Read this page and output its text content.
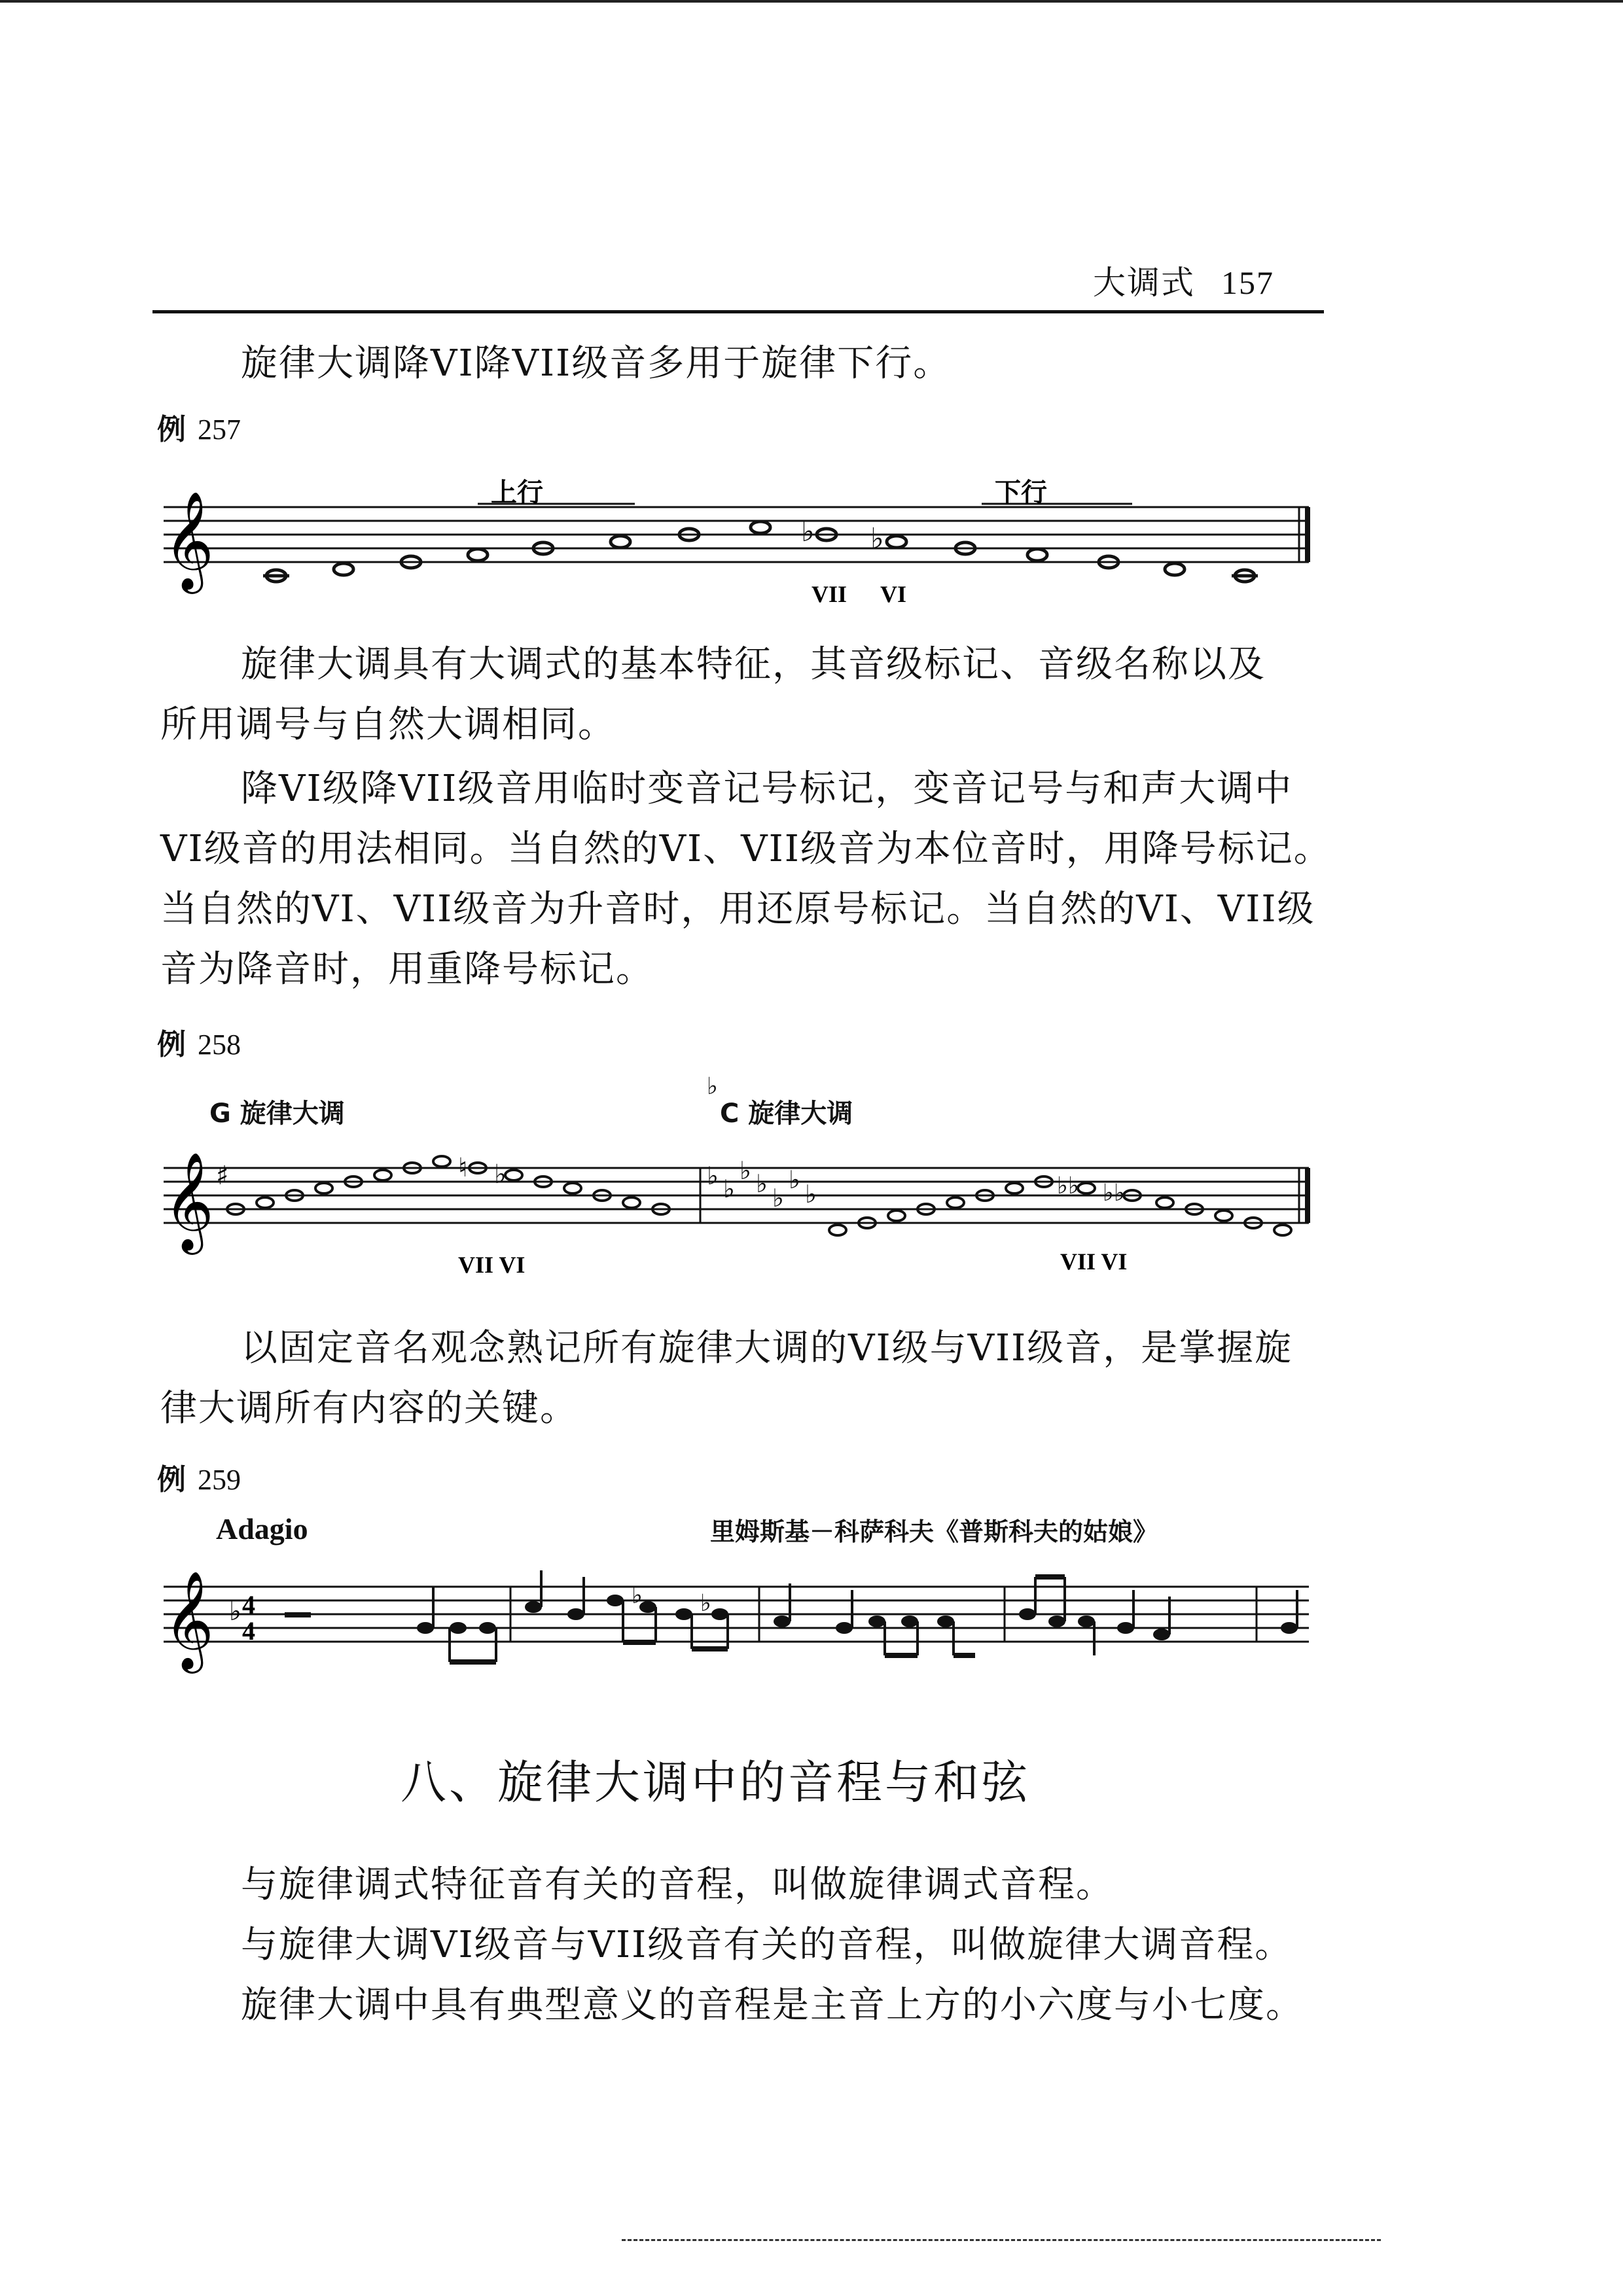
大调式 157
旋律大调降VI降VII级音多用于旋律下行。
例 257
𝄞	♭ ♭
上行	下行
VII VI
旋律大调具有大调式的基本特征，其音级标记、音级名称以及
所用调号与自然大调相同。
降VI级降VII级音用临时变音记号标记，变音记号与和声大调中
VI级音的用法相同。当自然的VI、VII级音为本位音时，用降号标记。
当自然的VI、VII级音为升音时，用还原号标记。当自然的VI、VII级
音为降音时，用重降号标记。
例 258
G 旋律大调
♭
C 旋律大调
𝄞 ♯	♮ ♭	♭ ♭
♭ ♭ ♭
♭ ♭	♭♭ ♭♭
VII VI	VII VI
以固定音名观念熟记所有旋律大调的VI级与VII级音，是掌握旋
律大调所有内容的关键。
例 259
Adagio	里姆斯基－科萨科夫《普斯科夫的姑娘》
𝄞 ♭ 4
4
♭ ♭
八、旋律大调中的音程与和弦
与旋律调式特征音有关的音程，叫做旋律调式音程。
与旋律大调VI级音与VII级音有关的音程，叫做旋律大调音程。
旋律大调中具有典型意义的音程是主音上方的小六度与小七度。
